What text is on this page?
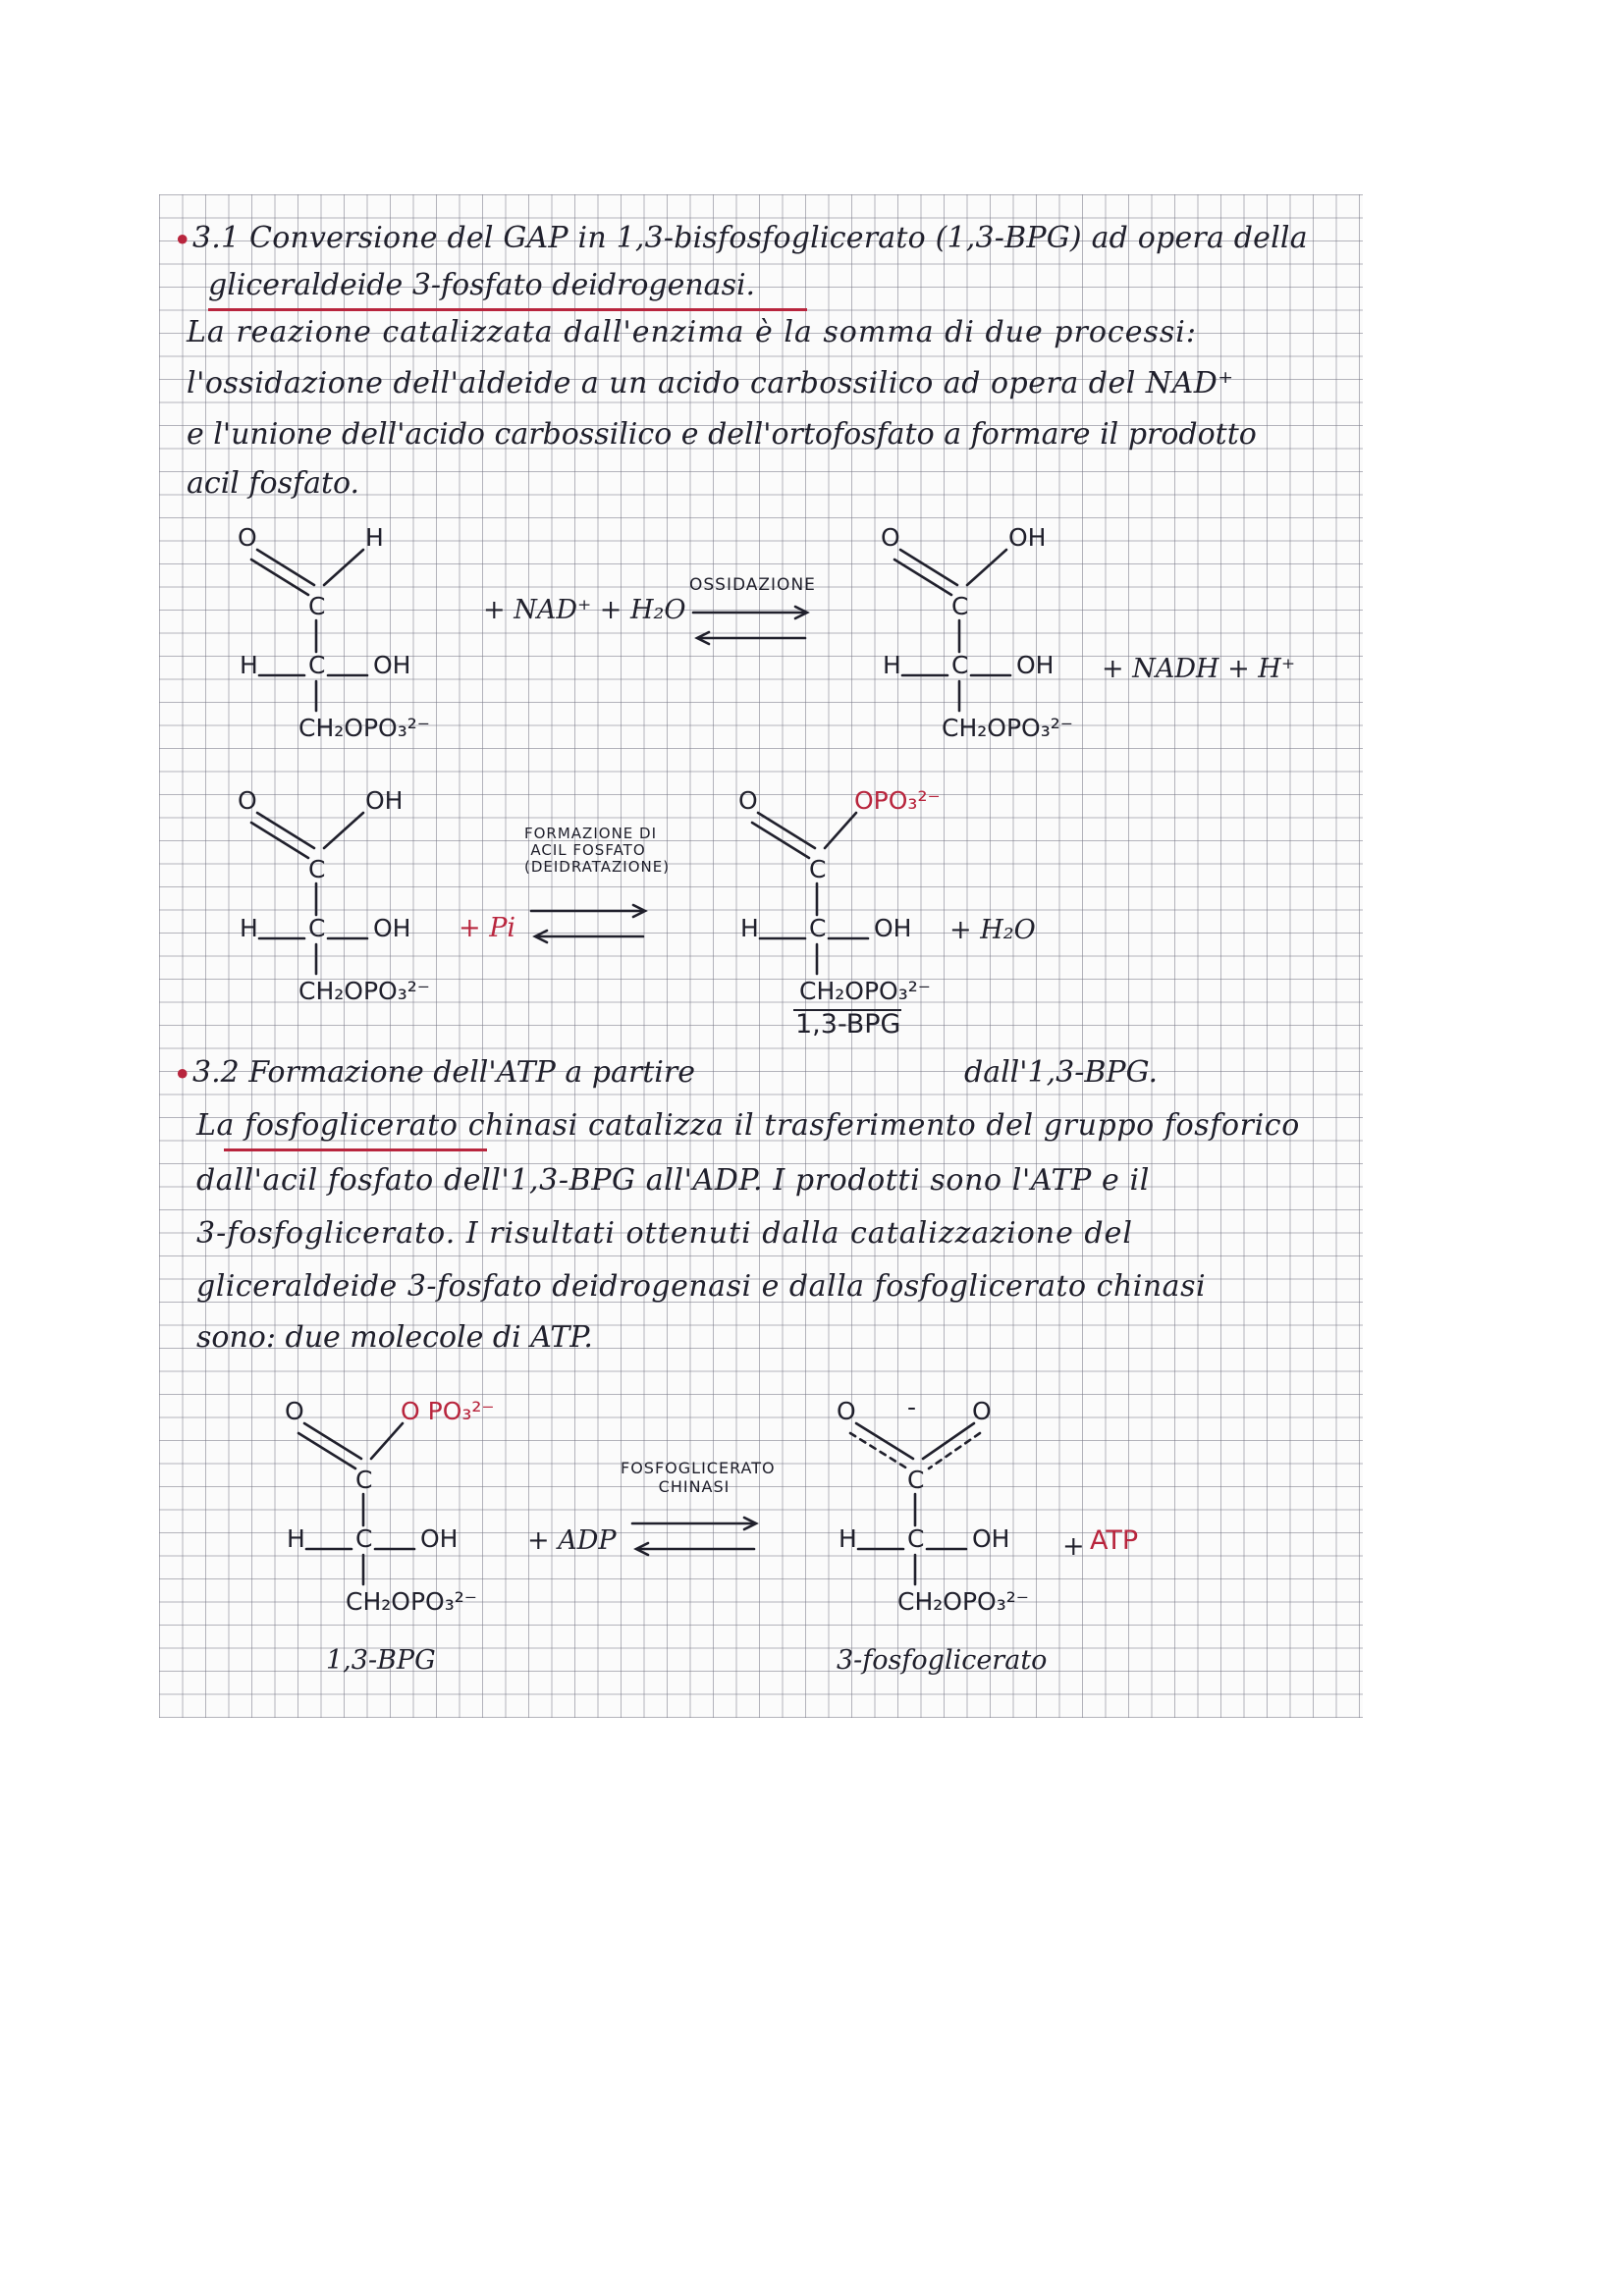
• 3.1 Conversione del GAP in 1,3-bisfosfoglicerato (1,3-BPG) ad opera della
gliceraldeide 3-fosfato deidrogenasi.
La reazione catalizzata dall'enzima è la somma di due processi:
l'ossidazione dell'aldeide a un acido carbossilico ad opera del NAD⁺
e l'unione dell'acido carbossilico e dell'ortofosfato a formare il prodotto
acil fosfato.
O	H
C
H C OH
CH₂OPO₃²⁻
+ NAD⁺ + H₂O
OSSIDAZIONE
O	OH
C
H C OH
CH₂OPO₃²⁻
+ NADH + H⁺
O	OH
C
H C OH
CH₂OPO₃²⁻
+ Pi
FORMAZIONE DI
ACIL FOSFATO
(DEIDRATAZIONE)
O	OPO₃²⁻
C
H C OH
CH₂OPO₃²⁻
+ H₂O
1,3-BPG
• 3.2 Formazione dell'ATP a partire	dall'1,3-BPG.
La fosfoglicerato chinasi catalizza il trasferimento del gruppo fosforico
dall'acil fosfato dell'1,3-BPG all'ADP. I prodotti sono l'ATP e il
3-fosfoglicerato. I risultati ottenuti dalla catalizzazione del
gliceraldeide 3-fosfato deidrogenasi e dalla fosfoglicerato chinasi
sono: due molecole di ATP.
O	O PO₃²⁻
C
H C OH
CH₂OPO₃²⁻
+ ADP
FOSFOGLICERATO
CHINASI
O - O
C
H C OH
CH₂OPO₃²⁻
+ ATP
1,3-BPG	3-fosfoglicerato
